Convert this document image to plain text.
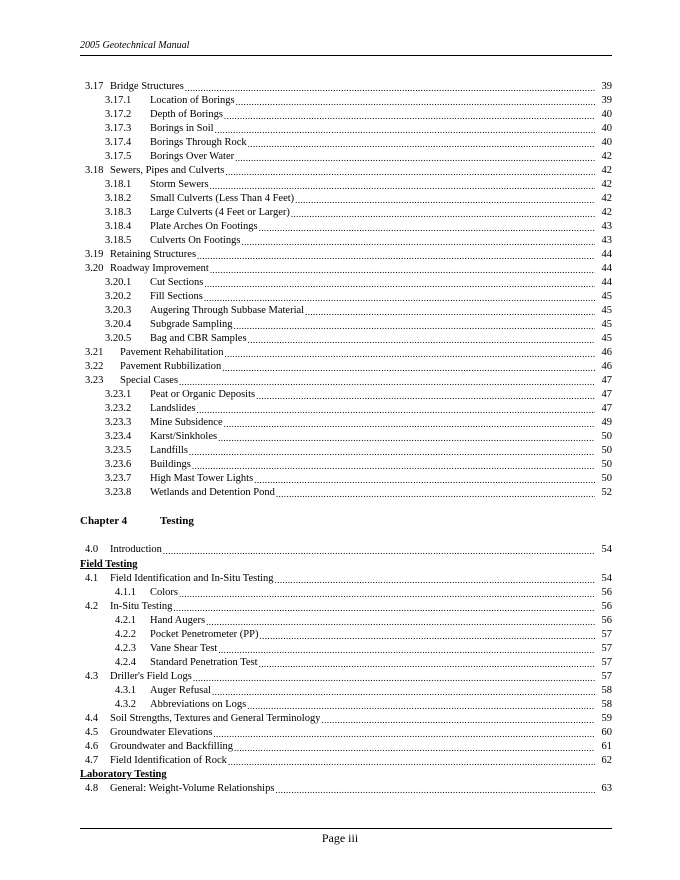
2005 Geotechnical Manual
3.17 Bridge Structures .....	39
3.17.1	Location of Borings .....	39
3.17.2	Depth of Borings .....	40
3.17.3	Borings in Soil .....	40
3.17.4	Borings Through Rock .....	40
3.17.5	Borings Over Water .....	42
3.18 Sewers, Pipes and Culverts .....	42
3.18.1	Storm Sewers .....	42
3.18.2	Small Culverts (Less Than 4 Feet) .....	42
3.18.3	Large Culverts (4 Feet or Larger) .....	42
3.18.4	Plate Arches On Footings .....	43
3.18.5	Culverts On Footings .....	43
3.19 Retaining Structures .....	44
3.20 Roadway Improvement .....	44
3.20.1	Cut Sections .....	44
3.20.2	Fill Sections .....	45
3.20.3	Augering Through Subbase Material .....	45
3.20.4	Subgrade Sampling .....	45
3.20.5	Bag and CBR Samples .....	45
3.21	Pavement Rehabilitation .....	46
3.22	Pavement Rubbilization .....	46
3.23	Special Cases .....	47
3.23.1	Peat or Organic Deposits .....	47
3.23.2	Landslides .....	47
3.23.3	Mine Subsidence .....	49
3.23.4	Karst/Sinkholes .....	50
3.23.5	Landfills .....	50
3.23.6	Buildings .....	50
3.23.7	High Mast Tower Lights .....	50
3.23.8	Wetlands and Detention Pond .....	52
Chapter 4	Testing
4.0	Introduction .....	54
Field Testing
4.1	Field Identification and In-Situ Testing .....	54
4.1.1	Colors .....	56
4.2	In-Situ Testing .....	56
4.2.1	Hand Augers .....	56
4.2.2	Pocket Penetrometer (PP) .....	57
4.2.3	Vane Shear Test .....	57
4.2.4	Standard Penetration Test .....	57
4.3	Driller's Field Logs .....	57
4.3.1	Auger Refusal .....	58
4.3.2	Abbreviations on Logs .....	58
4.4	Soil Strengths, Textures and General Terminology .....	59
4.5	Groundwater Elevations .....	60
4.6	Groundwater and Backfilling .....	61
4.7	Field Identification of Rock .....	62
Laboratory Testing
4.8	General: Weight-Volume Relationships .....	63
Page iii
